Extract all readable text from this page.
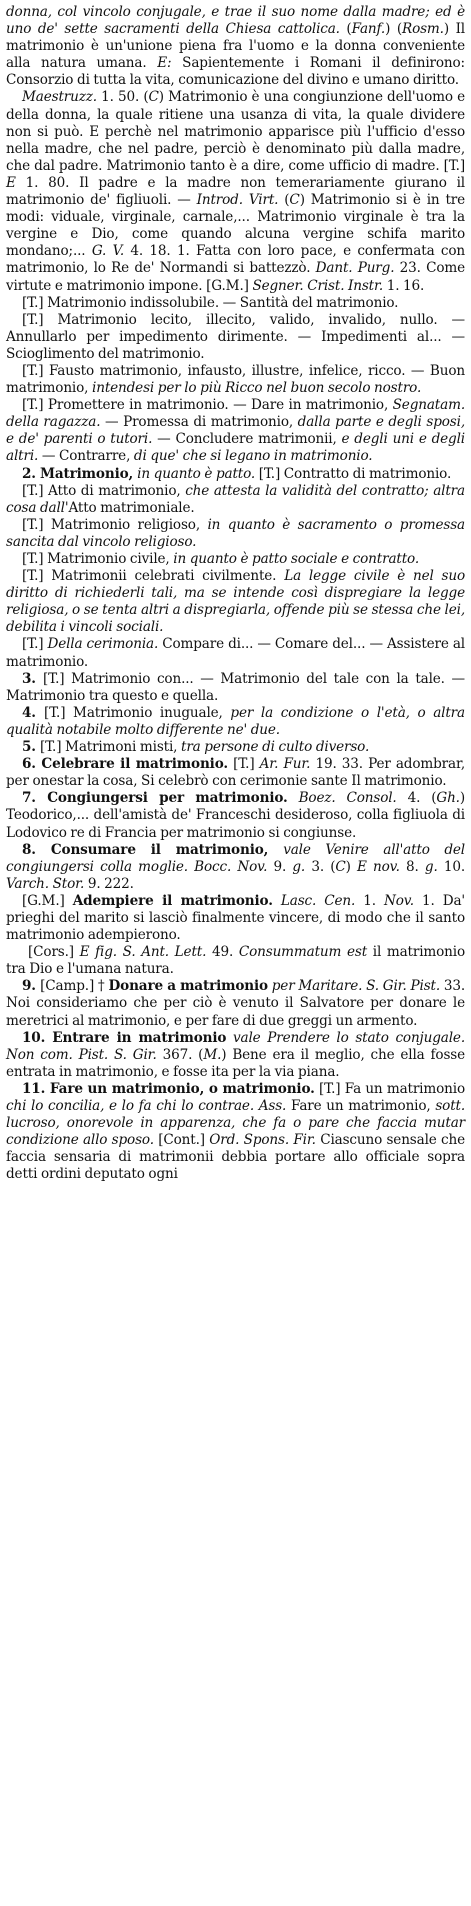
donna, col vincolo conjugale, e trae il suo nome dalla madre; ed è uno de' sette sacramenti della Chiesa cattolica. (Fanf.) (Rosm.) Il matrimonio è un'unione piena fra l'uomo e la donna conveniente alla natura umana. E: Sapientemente i Romani il definirono: Consorzio di tutta la vita, comunicazione del divino e umano diritto.

Maestruzz. 1. 50. (C) Matrimonio è una congiunzione dell'uomo e della donna, la quale ritiene una usanza di vita, la quale dividere non si può. E perchè nel matrimonio apparisce più l'ufficio d'esso nella madre, che nel padre, perciò è denominato più dalla madre, che dal padre. Matrimonio tanto è a dire, come ufficio di madre. [T.] E 1. 80. Il padre e la madre non temerariamente giurano il matrimonio de' figliuoli. — Introd. Virt. (C) Matrimonio si è in tre modi: viduale, virginale, carnale,... Matrimonio virginale è tra la vergine e Dio, come quando alcuna vergine schifa marito mondano;... G. V. 4. 18. 1. Fatta con loro pace, e confermata con matrimonio, lo Re de' Normandi si battezzò. Dant. Purg. 23. Come virtute e matrimonio impone. [G.M.] Segner. Crist. Instr. 1. 16.

[T.] Matrimonio indissolubile. — Santità del matrimonio.

[T.] Matrimonio lecito, illecito, valido, invalido, nullo. — Annullarlo per impedimento dirimente. — Impedimenti al... — Scioglimento del matrimonio.

[T.] Fausto matrimonio, infausto, illustre, infelice, ricco. — Buon matrimonio, intendesi per lo più Ricco nel buon secolo nostro.

[T.] Promettere in matrimonio. — Dare in matrimonio, Segnatam. della ragazza. — Promessa di matrimonio, dalla parte e degli sposi, e de' parenti o tutori. — Concludere matrimonii, e degli uni e degli altri. — Contrarre, di que' che si legano in matrimonio.

2. Matrimonio, in quanto è patto. [T.] Contratto di matrimonio.

[T.] Atto di matrimonio, che attesta la validità del contratto; altra cosa dall'Atto matrimoniale.

[T.] Matrimonio religioso, in quanto è sacramento o promessa sancita dal vincolo religioso.

[T.] Matrimonio civile, in quanto è patto sociale e contratto.

[T.] Matrimonii celebrati civilmente. La legge civile è nel suo diritto di richiederli tali, ma se intende così dispregiare la legge religiosa, o se tenta altri a dispregiarla, offende più se stessa che lei, debilita i vincoli sociali.

[T.] Della cerimonia. Compare di... — Comare del... — Assistere al matrimonio.

3. [T.] Matrimonio con... — Matrimonio del tale con la tale. — Matrimonio tra questo e quella.

4. [T.] Matrimonio inuguale, per la condizione o l'età, o altra qualità notabile molto differente ne' due.

5. [T.] Matrimoni misti, tra persone di culto diverso.

6. Celebrare il matrimonio. [T.] Ar. Fur. 19. 33. Per adombrar, per onestar la cosa, Si celebrò con cerimonie sante Il matrimonio.

7. Congiungersi per matrimonio. Boez. Consol. 4. (Gh.) Teodorico,... dell'amistà de' Franceschi desideroso, colla figliuola di Lodovico re di Francia per matrimonio si congiunse.

8. Consumare il matrimonio, vale Venire all'atto del congiungersi colla moglie. Bocc. Nov. 9. g. 3. (C) E nov. 8. g. 10. Varch. Stor. 9. 222.

[G.M.] Adempiere il matrimonio. Lasc. Cen. 1. Nov. 1. Da' prieghi del marito si lasciò finalmente vincere, di modo che il santo matrimonio adempierono.

[Cors.] E fig. S. Ant. Lett. 49. Consummatum est il matrimonio tra Dio e l'umana natura.

9. [Camp.] † Donare a matrimonio per Maritare. S. Gir. Pist. 33. Noi consideriamo che per ciò è venuto il Salvatore per donare le meretrici al matrimonio, e per fare di due greggi un armento.

10. Entrare in matrimonio vale Prendere lo stato conjugale. Non com. Pist. S. Gir. 367. (M.) Bene era il meglio, che ella fosse entrata in matrimonio, e fosse ita per la via piana.

11. Fare un matrimonio, o matrimonio. [T.] Fa un matrimonio chi lo concilia, e lo fa chi lo contrae. Ass. Fare un matrimonio, sott. lucroso, onorevole in apparenza, che fa o pare che faccia mutar condizione allo sposo. [Cont.] Ord. Spons. Fir. Ciascuno sensale che faccia sensaria di matrimonii debbia portare allo officiale sopra detti ordini deputato ogni
